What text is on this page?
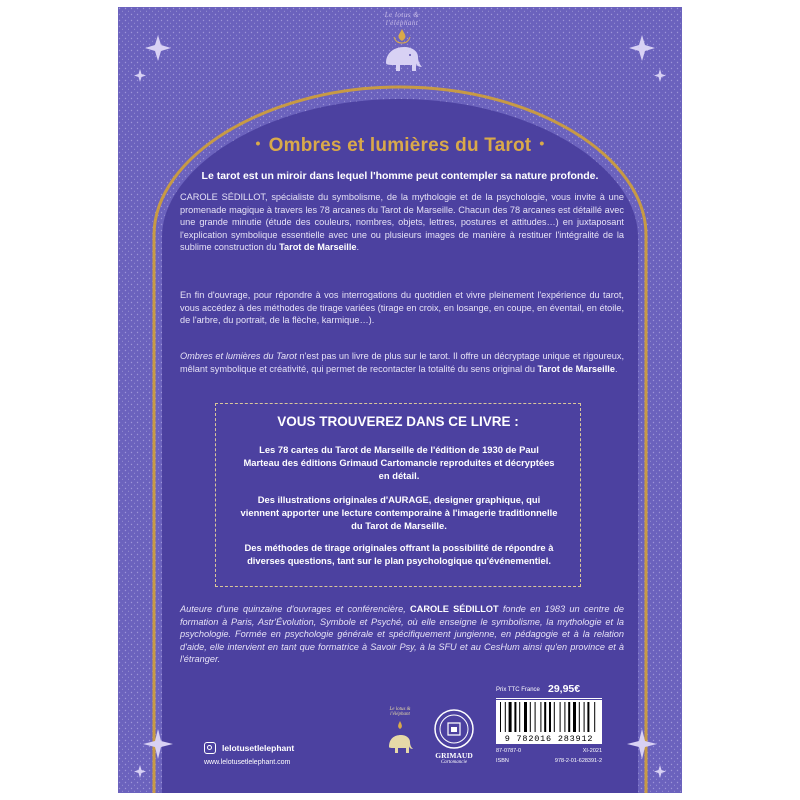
Le lotus & l'éléphant
• Ombres et lumières du Tarot •
Le tarot est un miroir dans lequel l'homme peut contempler sa nature profonde.
CAROLE SÉDILLOT, spécialiste du symbolisme, de la mythologie et de la psychologie, vous invite à une promenade magique à travers les 78 arcanes du Tarot de Marseille. Chacun des 78 arcanes est détaillé avec une grande minutie (étude des couleurs, nombres, objets, lettres, postures et attitudes…) en juxtaposant l'explication symbolique essentielle avec une ou plusieurs images de manière à restituer l'intégralité de la sublime construction du Tarot de Marseille.
En fin d'ouvrage, pour répondre à vos interrogations du quotidien et vivre pleinement l'expérience du tarot, vous accédez à des méthodes de tirage variées (tirage en croix, en losange, en coupe, en éventail, en étoile, de l'arbre, du portrait, de la flèche, karmique…).
Ombres et lumières du Tarot n'est pas un livre de plus sur le tarot. Il offre un décryptage unique et rigoureux, mêlant symbolique et créativité, qui permet de recontacter la totalité du sens original du Tarot de Marseille.
VOUS TROUVEREZ DANS CE LIVRE :
Les 78 cartes du Tarot de Marseille de l'édition de 1930 de Paul Marteau des éditions Grimaud Cartomancie reproduites et décryptées en détail.
Des illustrations originales d'AURAGE, designer graphique, qui viennent apporter une lecture contemporaine à l'imagerie traditionnelle du Tarot de Marseille.
Des méthodes de tirage originales offrant la possibilité de répondre à diverses questions, tant sur le plan psychologique qu'événementiel.
Auteure d'une quinzaine d'ouvrages et conférencière, CAROLE SÉDILLOT fonde en 1983 un centre de formation à Paris, Astr'Évolution, Symbole et Psyché, où elle enseigne le symbolisme, la mythologie et la psychologie. Formée en psychologie générale et spécifiquement jungienne, en pédagogie et à la relation d'aide, elle intervient en tant que formatrice à Savoir Psy, à la SFU et au CesHum ainsi qu'en province et à l'étranger.
Le lotus & l'éléphant
GRIMAUD
Cartomancie
Prix TTC France 29,95€
9 782016 283912
87-0787-0	XI-2021
ISBN	978-2-01-628391-2
lelotusetlelephant
www.lelotusetlelephant.com
